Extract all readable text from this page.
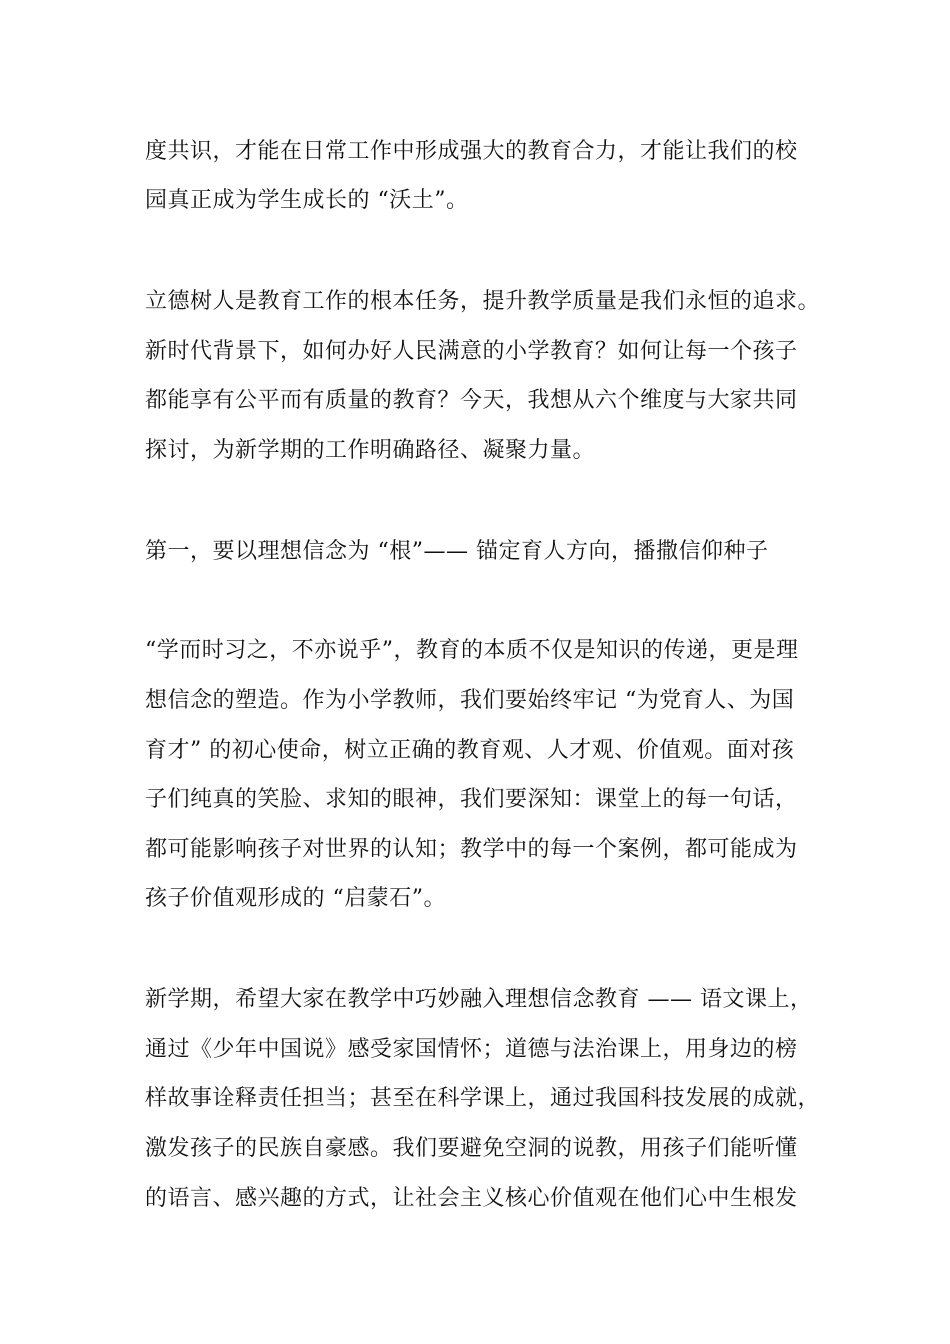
度共识，才能在日常工作中形成强大的教育合力，才能让我们的校
园真正成为学生成长的 “沃土”。
立德树人是教育工作的根本任务，提升教学质量是我们永恒的追求。
新时代背景下，如何办好人民满意的小学教育？如何让每一个孩子
都能享有公平而有质量的教育？今天，我想从六个维度与大家共同
探讨，为新学期的工作明确路径、凝聚力量。
第一，要以理想信念为 “根”—— 锚定育人方向，播撒信仰种子
“学而时习之，不亦说乎”，教育的本质不仅是知识的传递，更是理
想信念的塑造。作为小学教师，我们要始终牢记 “为党育人、为国
育才” 的初心使命，树立正确的教育观、人才观、价值观。面对孩
子们纯真的笑脸、求知的眼神，我们要深知：课堂上的每一句话，
都可能影响孩子对世界的认知；教学中的每一个案例，都可能成为
孩子价值观形成的 “启蒙石”。
新学期，希望大家在教学中巧妙融入理想信念教育 —— 语文课上，
通过《少年中国说》感受家国情怀；道德与法治课上，用身边的榜
样故事诠释责任担当；甚至在科学课上，通过我国科技发展的成就，
激发孩子的民族自豪感。我们要避免空洞的说教，用孩子们能听懂
的语言、感兴趣的方式，让社会主义核心价值观在他们心中生根发
